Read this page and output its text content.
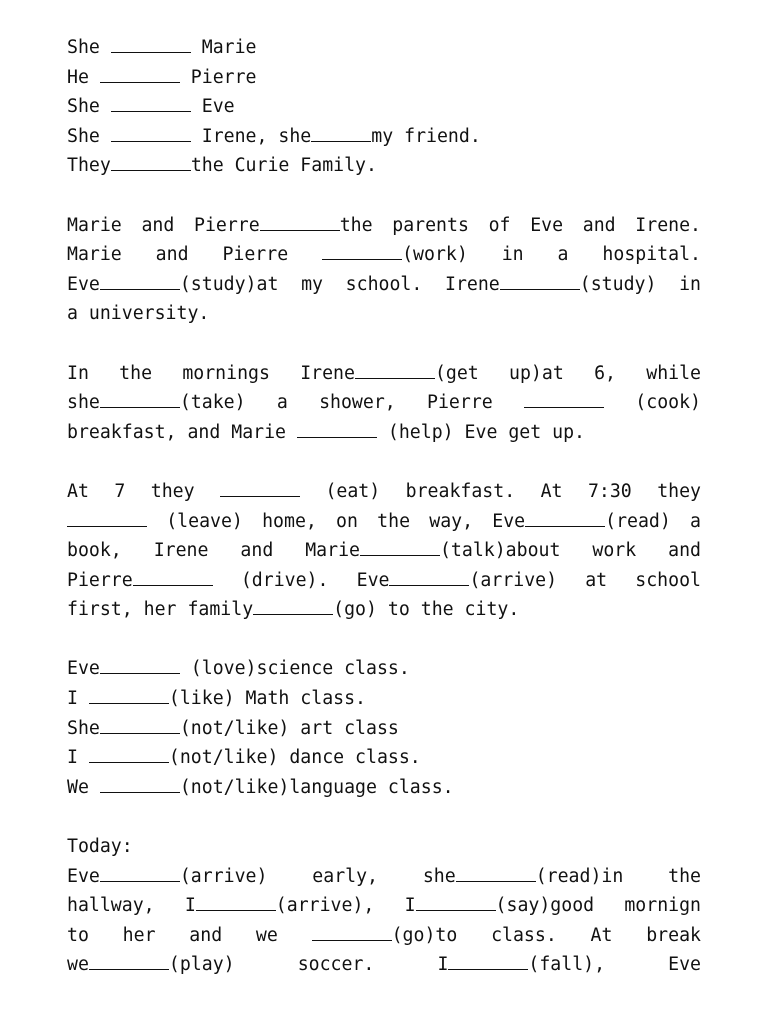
She	Marie
He	Pierre
She	Eve
She	Irene, she	my friend.
They	the Curie Family.
Marie and Pierre	the parents of Eve and Irene.
Marie and Pierre	(work) in a hospital.
Eve	(study)at my school. Irene	(study) in
a university.
In the mornings Irene	(get up)at 6, while
she	(take) a shower, Pierre	(cook)
breakfast, and Marie	(help) Eve get up.
At 7 they	(eat) breakfast. At 7:30 they
(leave) home, on the way, Eve	(read) a
book, Irene and Marie	(talk)about work and
Pierre	(drive). Eve	(arrive) at school
first, her family	(go) to the city.
Eve	(love)science class.
I	(like) Math class.
She	(not/like) art class
I	(not/like) dance class.
We	(not/like)language class.
Today:
Eve	(arrive) early, she	(read)in the
hallway, I	(arrive), I	(say)good mornign
to her and we	(go)to class. At break
we	(play) soccer. I	(fall), Eve
